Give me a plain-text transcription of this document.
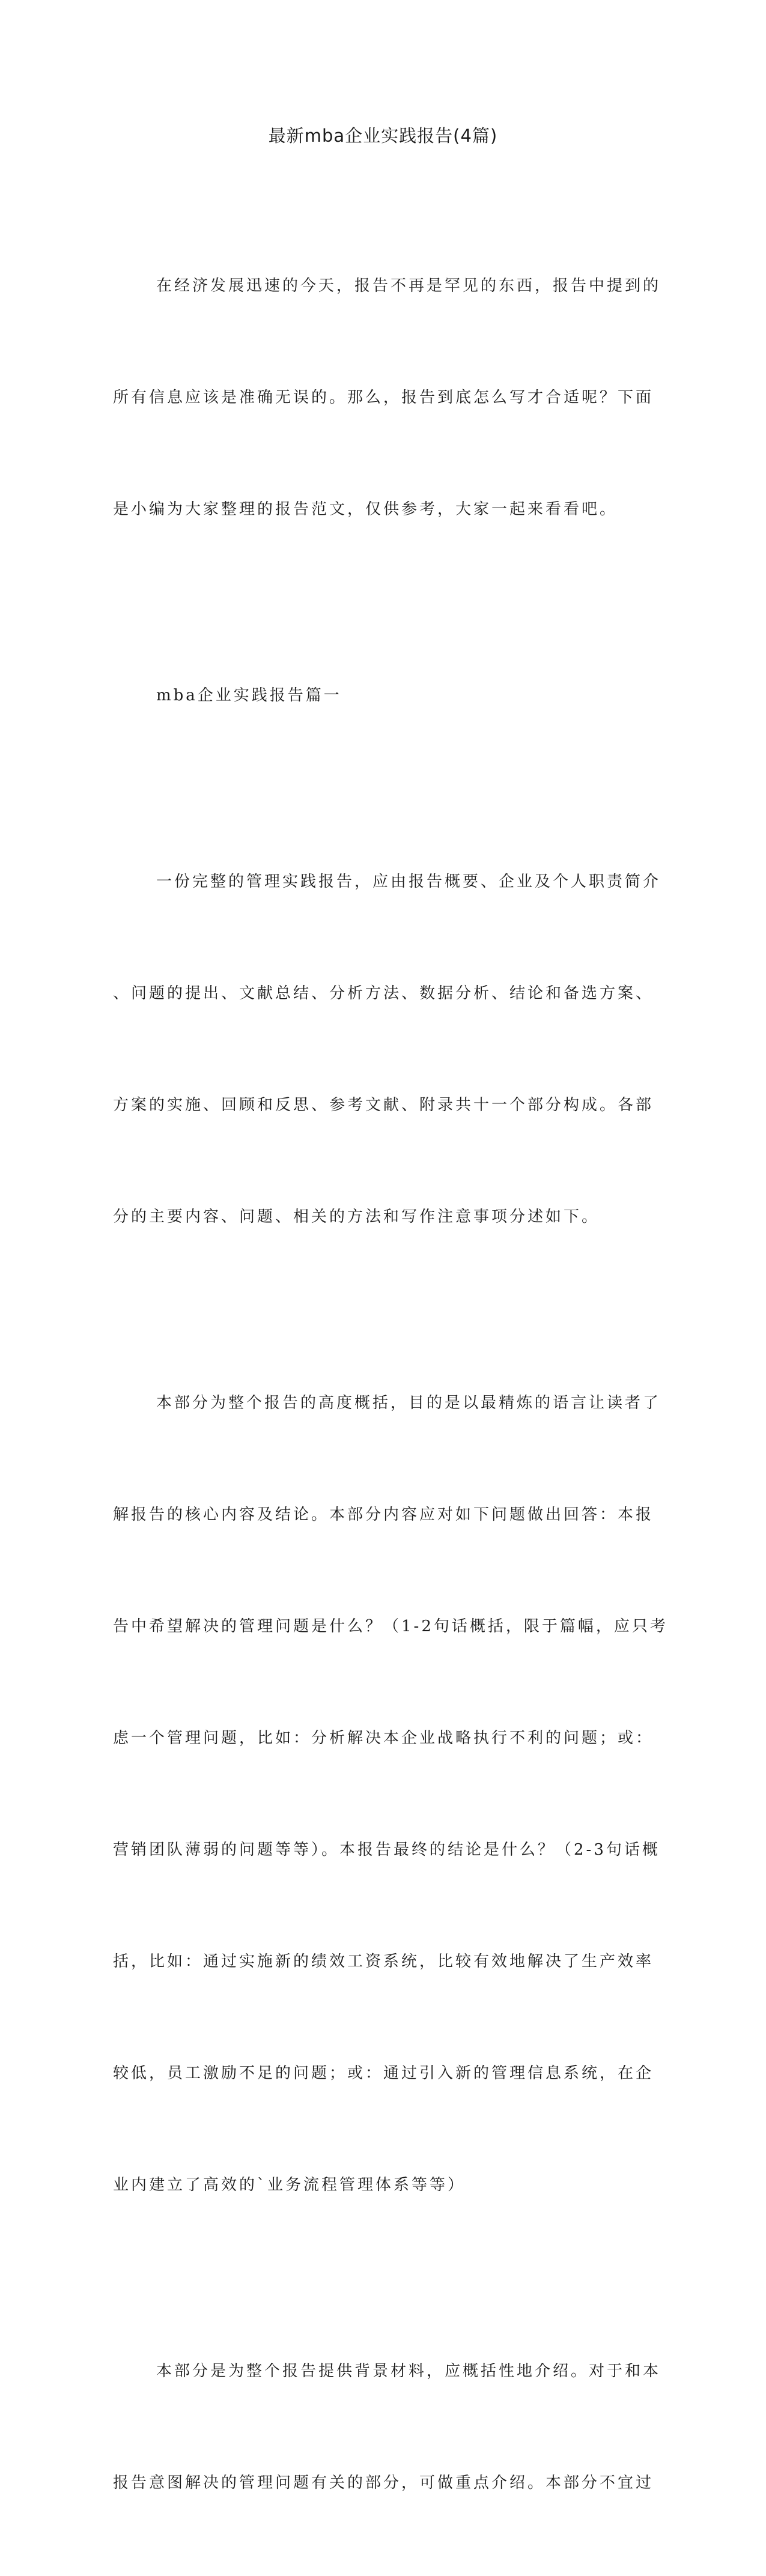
最新mba企业实践报告(4篇)

在经济发展迅速的今天，报告不再是罕见的东西，报告中提到的

所有信息应该是准确无误的。那么，报告到底怎么写才合适呢？下面

是小编为大家整理的报告范文，仅供参考，大家一起来看看吧。

mba企业实践报告篇一

一份完整的管理实践报告，应由报告概要、企业及个人职责简介

、问题的提出、文献总结、分析方法、数据分析、结论和备选方案、

方案的实施、回顾和反思、参考文献、附录共十一个部分构成。各部

分的主要内容、问题、相关的方法和写作注意事项分述如下。

本部分为整个报告的高度概括，目的是以最精炼的语言让读者了

解报告的核心内容及结论。本部分内容应对如下问题做出回答：本报

告中希望解决的管理问题是什么？（1-2句话概括，限于篇幅，应只考

虑一个管理问题，比如：分析解决本企业战略执行不利的问题；或：

营销团队薄弱的问题等等）。本报告最终的结论是什么？（2-3句话概

括，比如：通过实施新的绩效工资系统，比较有效地解决了生产效率

较低，员工激励不足的问题；或：通过引入新的管理信息系统，在企

业内建立了高效的`业务流程管理体系等等）

本部分是为整个报告提供背景材料，应概括性地介绍。对于和本

报告意图解决的管理问题有关的部分，可做重点介绍。本部分不宜过
